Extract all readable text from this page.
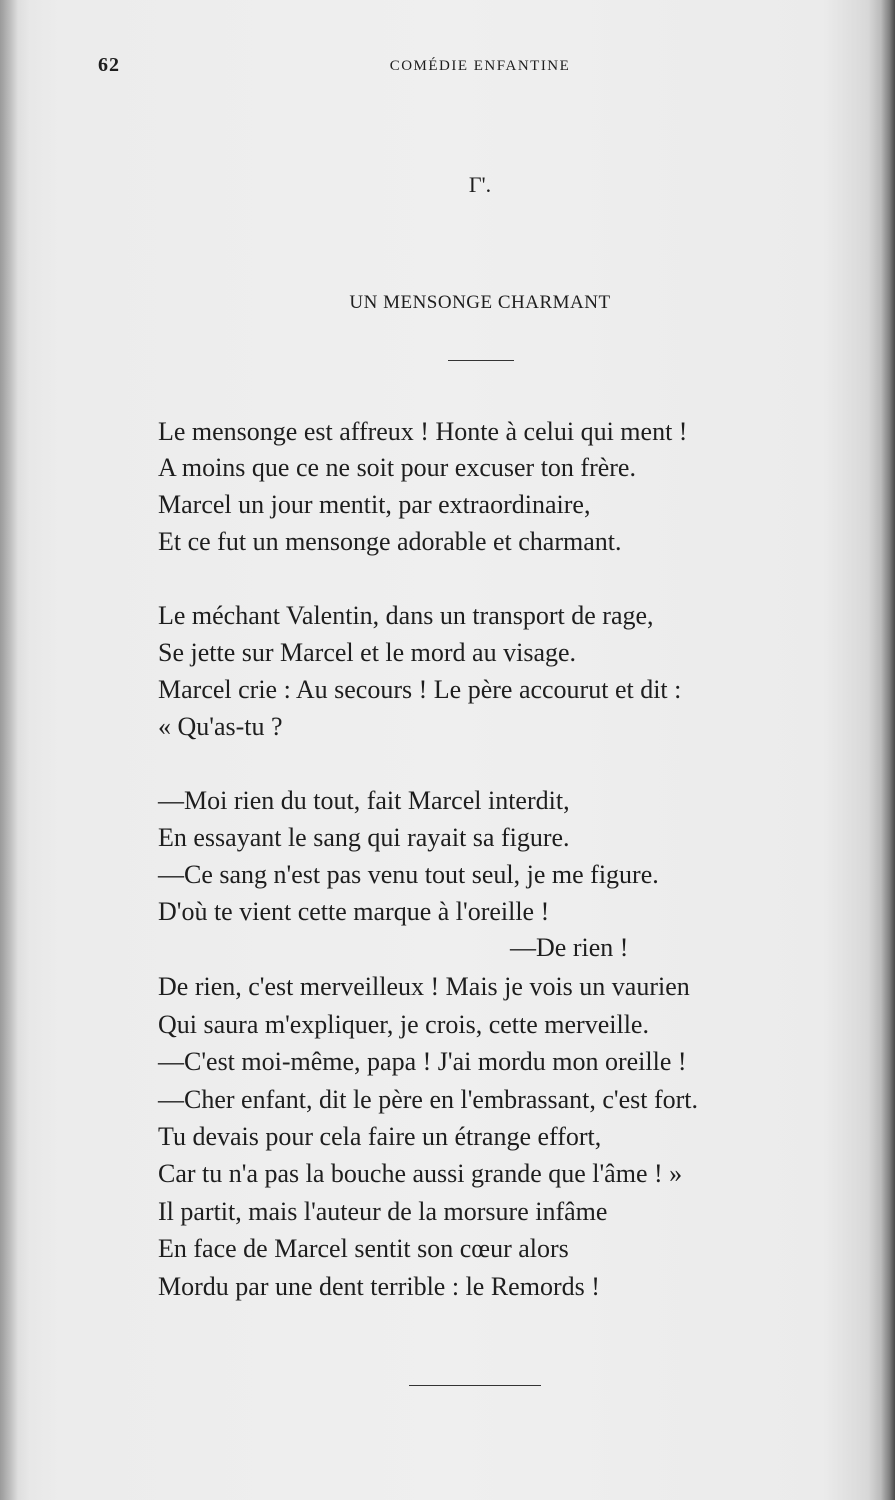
62	COMÉDIE ENFANTINE
Г'.
UN MENSONGE CHARMANT
Le mensonge est affreux ! Honte à celui qui ment !
A moins que ce ne soit pour excuser ton frère.
Marcel un jour mentit, par extraordinaire,
Et ce fut un mensonge adorable et charmant.
Le méchant Valentin, dans un transport de rage,
Se jette sur Marcel et le mord au visage.
Marcel crie : Au secours ! Le père accourut et dit :
« Qu'as-tu ?
—Moi rien du tout, fait Marcel interdit,
En essayant le sang qui rayait sa figure.
—Ce sang n'est pas venu tout seul, je me figure.
D'où te vient cette marque à l'oreille !
—De rien !
De rien, c'est merveilleux ! Mais je vois un vaurien
Qui saura m'expliquer, je crois, cette merveille.
—C'est moi-même, papa ! J'ai mordu mon oreille !
—Cher enfant, dit le père en l'embrassant, c'est fort.
Tu devais pour cela faire un étrange effort,
Car tu n'a pas la bouche aussi grande que l'âme ! »
Il partit, mais l'auteur de la morsure infâme
En face de Marcel sentit son cœur alors
Mordu par une dent terrible : le Remords !
